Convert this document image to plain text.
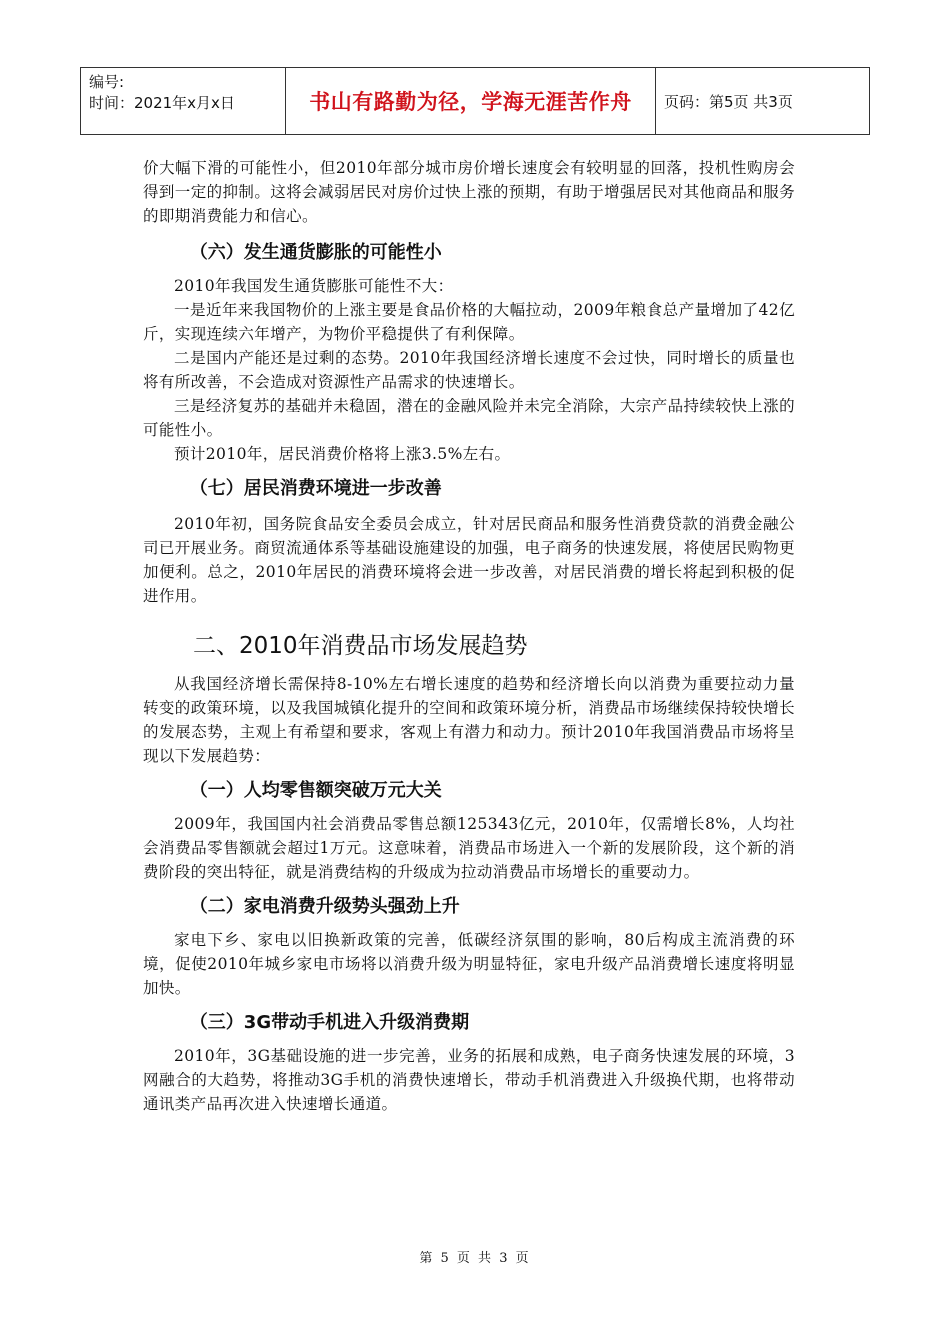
编号:
时间：2021年x月x日	书山有路勤为径，学海无涯苦作舟	页码：第5页 共3页

价大幅下滑的可能性小，但2010年部分城市房价增长速度会有较明显的回落，投机性购房会得到一定的抑制。这将会减弱居民对房价过快上涨的预期，有助于增强居民对其他商品和服务的即期消费能力和信心。

（六）发生通货膨胀的可能性小

2010年我国发生通货膨胀可能性不大：

一是近年来我国物价的上涨主要是食品价格的大幅拉动，2009年粮食总产量增加了42亿斤，实现连续六年增产，为物价平稳提供了有利保障。

二是国内产能还是过剩的态势。2010年我国经济增长速度不会过快，同时增长的质量也将有所改善，不会造成对资源性产品需求的快速增长。

三是经济复苏的基础并未稳固，潜在的金融风险并未完全消除，大宗产品持续较快上涨的可能性小。

预计2010年，居民消费价格将上涨3.5%左右。

（七）居民消费环境进一步改善

2010年初，国务院食品安全委员会成立，针对居民商品和服务性消费贷款的消费金融公司已开展业务。商贸流通体系等基础设施建设的加强，电子商务的快速发展，将使居民购物更加便利。总之，2010年居民的消费环境将会进一步改善，对居民消费的增长将起到积极的促进作用。

二、2010年消费品市场发展趋势

从我国经济增长需保持8-10%左右增长速度的趋势和经济增长向以消费为重要拉动力量转变的政策环境，以及我国城镇化提升的空间和政策环境分析，消费品市场继续保持较快增长的发展态势，主观上有希望和要求，客观上有潜力和动力。预计2010年我国消费品市场将呈现以下发展趋势：

（一）人均零售额突破万元大关

2009年，我国国内社会消费品零售总额125343亿元，2010年，仅需增长8%，人均社会消费品零售额就会超过1万元。这意味着，消费品市场进入一个新的发展阶段，这个新的消费阶段的突出特征，就是消费结构的升级成为拉动消费品市场增长的重要动力。

（二）家电消费升级势头强劲上升

家电下乡、家电以旧换新政策的完善，低碳经济氛围的影响，80后构成主流消费的环境，促使2010年城乡家电市场将以消费升级为明显特征，家电升级产品消费增长速度将明显加快。

（三）3G带动手机进入升级消费期

2010年，3G基础设施的进一步完善，业务的拓展和成熟，电子商务快速发展的环境，3网融合的大趋势，将推动3G手机的消费快速增长，带动手机消费进入升级换代期，也将带动通讯类产品再次进入快速增长通道。

第 5 页 共 3 页
